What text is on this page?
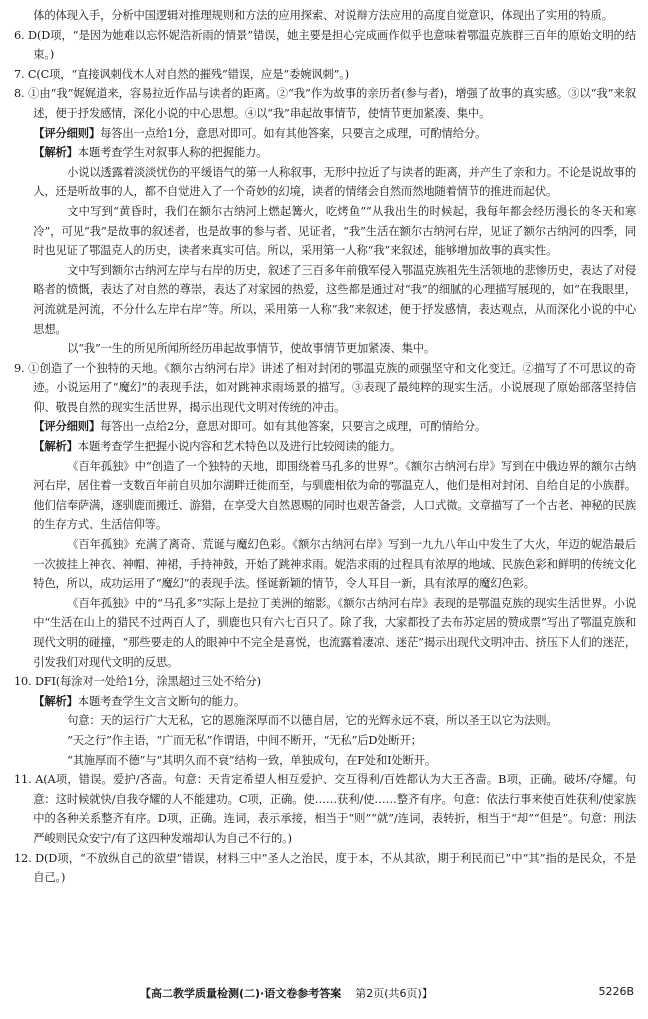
体的体现入手，分析中国逻辑对推理规则和方法的应用探索、对说辩方法应用的高度自觉意识，体现出了实用的特质。

6. D(D项，“是因为她难以忘怀妮浩祈雨的情景”错误，她主要是担心完成画作似乎也意味着鄂温克族群三百年的原始文明的结束。)

7. C(C项，“直接讽刺伐木人对自然的摧残”错误，应是“委婉讽刺”。)

8. ①由“我”娓娓道来，容易拉近作品与读者的距离。②“我”作为故事的亲历者(参与者)，增强了故事的真实感。③以“我”来叙述，便于抒发感情，深化小说的中心思想。④以“我”串起故事情节，使情节更加紧凑、集中。

【评分细则】每答出一点给1分，意思对即可。如有其他答案，只要言之成理，可酌情给分。

【解析】本题考查学生对叙事人称的把握能力。

小说以透露着淡淡忧伤的平缓语气的第一人称叙事，无形中拉近了与读者的距离，并产生了亲和力。不论是说故事的人，还是听故事的人，都不自觉进入了一个奇妙的幻境，读者的情绪会自然而然地随着情节的推进而起伏。

文中写到“黄昏时，我们在额尔古纳河上燃起篝火，吃烤鱼”“从我出生的时候起，我每年都会经历漫长的冬天和寒冷”，可见“我”是故事的叙述者，也是故事的参与者、见证者，“我”生活在额尔古纳河右岸，见证了额尔古纳河的四季，同时也见证了鄂温克人的历史，读者来真实可信。所以，采用第一人称“我”来叙述，能够增加故事的真实性。

文中写到额尔古纳河左岸与右岸的历史，叙述了三百多年前俄军侵入鄂温克族祖先生活领地的悲惨历史，表达了对侵略者的愤慨，表达了对自然的尊崇，表达了对家园的热爱，这些都是通过对“我”的细腻的心理描写展现的，如“在我眼里，河流就是河流，不分什么左岸右岸”等。所以，采用第一人称“我”来叙述，便于抒发感情，表达观点，从而深化小说的中心思想。

以“我”一生的所见所闻所经历串起故事情节，使故事情节更加紧凑、集中。

9. ①创造了一个独特的天地。《额尔古纳河右岸》讲述了相对封闭的鄂温克族的顽强坚守和文化变迁。②描写了不可思议的奇迹。小说运用了“魔幻”的表现手法，如对跳神求雨场景的描写。③表现了最纯粹的现实生活。小说展现了原始部落坚持信仰、敬畏自然的现实生活世界，揭示出现代文明对传统的冲击。

【评分细则】每答出一点给2分，意思对即可。如有其他答案，只要言之成理，可酌情给分。

【解析】本题考查学生把握小说内容和艺术特色以及进行比较阅读的能力。

《百年孤独》中“创造了一个独特的天地，即围绕着马孔多的世界”。《额尔古纳河右岸》写到在中俄边界的额尔古纳河右岸，居住着一支数百年前自贝加尔湖畔迁徙而至，与驯鹿相依为命的鄂温克人，他们是相对封闭、自给自足的小族群。他们信奉萨满，逐驯鹿而搬迁、游猎，在享受大自然恩赐的同时也艰苦备尝，人口式微。文章描写了一个古老、神秘的民族的生存方式、生活信仰等。

《百年孤独》充满了离奇、荒诞与魔幻色彩。《额尔古纳河右岸》写到一九九八年山中发生了大火，年迈的妮浩最后一次披挂上神衣、神帽、神裙，手持神鼓，开始了跳神求雨。妮浩求雨的过程具有浓厚的地域、民族色彩和鲜明的传统文化特色，所以，成功运用了“魔幻”的表现手法。怪诞新颖的情节，令人耳目一新，具有浓厚的魔幻色彩。

《百年孤独》中的“马孔多”实际上是拉丁美洲的缩影。《额尔古纳河右岸》表现的是鄂温克族的现实生活世界。小说中“生活在山上的猎民不过两百人了，驯鹿也只有六七百只了。除了我，大家都投了去布苏定居的赞成票”写出了鄂温克族和现代文明的碰撞，“那些要走的人的眼神中不完全是喜悦，也流露着凄凉、迷茫”揭示出现代文明冲击、挤压下人们的迷茫，引发我们对现代文明的反思。

10. DFI(每涂对一处给1分，涂黑超过三处不给分)

【解析】本题考查学生文言文断句的能力。

句意：天的运行广大无私，它的恩施深厚而不以德自居，它的光辉永远不衰，所以圣王以它为法则。

“天之行”作主语，“广而无私”作谓语，中间不断开，“无私”后D处断开；

“其施厚而不德”与“其明久而不衰”结构一致，单独成句，在F处和I处断开。

11. A(A项，错误。爱护/吝啬。句意：天肯定希望人相互爱护、交互得利/百姓都认为大王吝啬。B项，正确。破坏/夺耀。句意：这时候就快/自我夺耀的人不能建功。C项，正确。使……获利/使……整齐有序。句意：依法行事来使百姓获利/使家族中的各种关系整齐有序。D项，正确。连词，表示承接，相当于“则”“就”/连词，表转折，相当于“却”“但是”。句意：刑法严峻则民众安宁/有了这四种发端却认为自己不行的。)

12. D(D项，“不放纵自己的欲望”错误，材料三中“圣人之治民，度于本，不从其欲，期于利民而已”中“其”指的是民众，不是自己。)

【高二教学质量检测(二)·语文卷参考答案 第2页(共6页)】	5226B
